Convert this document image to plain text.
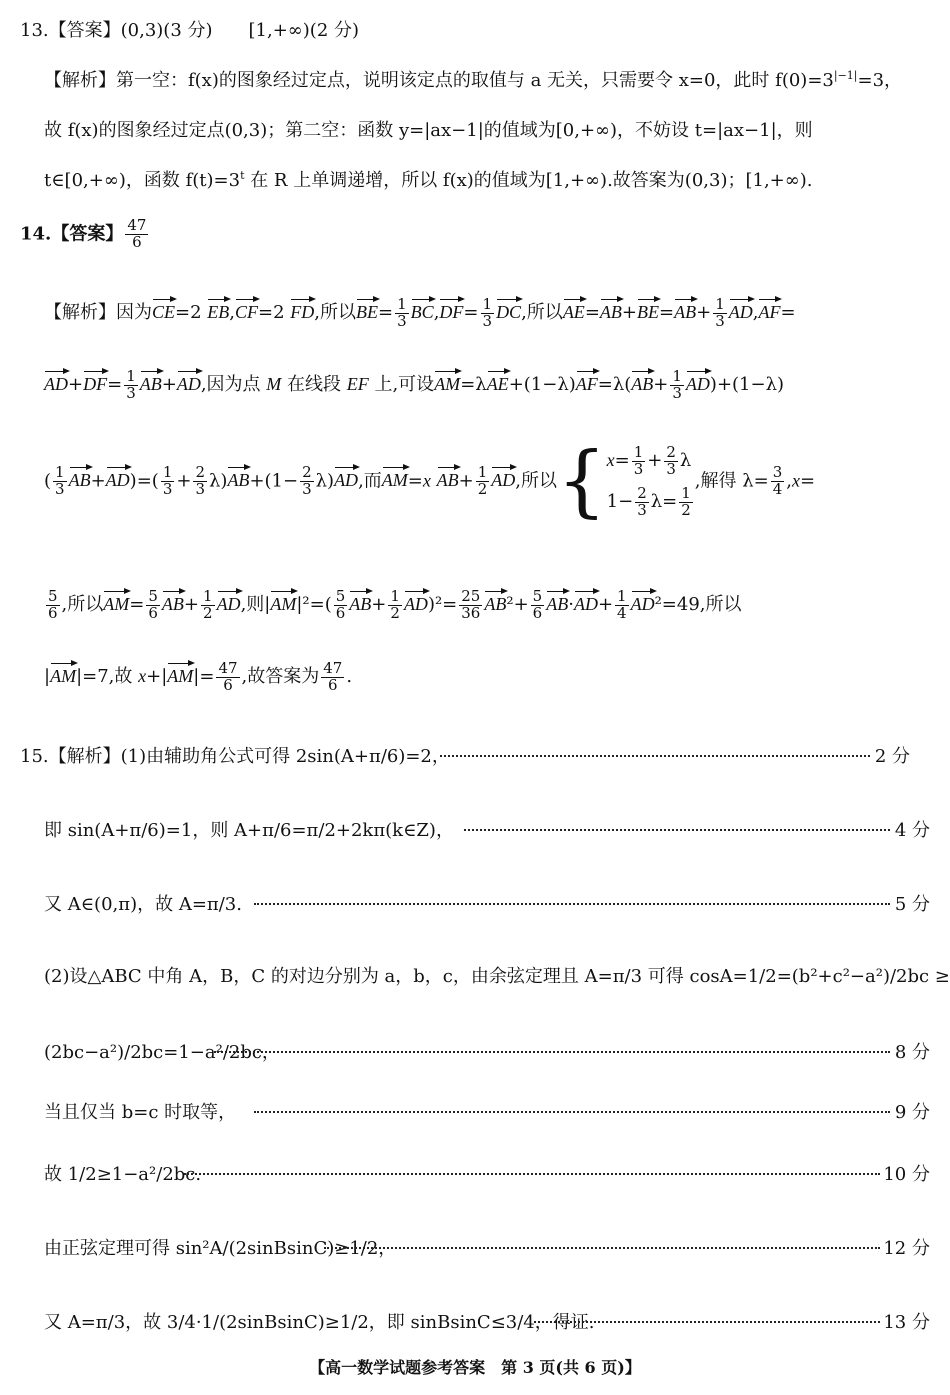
13.【答案】(0,3)(3 分)　　[1,+∞)(2 分)
【解析】第一空：f(x)的图象经过定点，说明该定点的取值与 a 无关，只需要令 x=0，此时 $f(0)=3^{|-1|}=3$，
故 f(x)的图象经过定点(0,3)；第二空：函数 y=|ax−1|的值域为[0,+∞)，不妨设 t=|ax−1|，则
t∈[0,+∞)，函数 $f(t)=3^t$ 在 R 上单调递增，所以 f(x)的值域为[1,+∞).故答案为(0,3)；[1,+∞).
14.【答案】 $\frac{47}{6}$
【解析】因为CE=2 EB,CF=2 FD,所以$BE= \frac{1}{3} BC,DF= \frac{1}{3}$ DC,所以$AE=AB+BE=AB+ \frac{1}{3} AD,AF=$
$AD+DF= \frac{1}{3} AB+AD$,因为点 M 在线段 EF 上,可设$AM=\lambda AE+(1-\lambda)AF=\lambda(AB+ \frac{1}{3} AD)+(1-\lambda)$
( $\frac{1}{3} AB+AD)=( \frac{1}{3} + \frac{2}{3} \lambda)AB+(1- \frac{2}{3} \lambda)AD$,而AM=x $AB+ \frac{1}{2}$ AD,所以{$x= \frac{1}{3} + \frac{2}{3}$ λ
$1- \frac{2}{3} \lambda= \frac{1}{2}$
,解得 $\lambda= \frac{3}{4} ,x=$
$\frac{5}{6}$ ,所以$AM= \frac{5}{6} AB+ \frac{1}{2}$ AD,则$|AM|^2=( \frac{5}{6} AB+ \frac{1}{2} AD)^2= \frac{25}{36} AB^2+ \frac{5}{6} AB\cdot AD+ \frac{1}{4} AD^2=49$,所以
|AM|=7,故 $x+|AM|= \frac{47}{6}$ ,故答案为 $\frac{47}{6}$ .
15.【解析】(1)由辅助角公式可得 2sin(A+π/6)=2，	2 分
即 sin(A+π/6)=1，则 A+π/6=π/2+2kπ(k∈Z)，	4 分
又 A∈(0,π)，故 A=π/3.	5 分
(2)设△ABC 中角 A，B，C 的对边分别为 a，b，c，由余弦定理且 A=π/3 可得 cosA=1/2=(b²+c²−a²)/2bc ≥
(2bc−a²)/2bc=1−a²/2bc，	8 分
当且仅当 b=c 时取等，	9 分
故 1/2≥1−a²/2bc.	10 分
由正弦定理可得 sin²A/(2sinBsinC)≥1/2，	12 分
又 A=π/3，故 3/4·1/(2sinBsinC)≥1/2，即 sinBsinC≤3/4，得证.	13 分
【高一数学试题参考答案　第 3 页(共 6 页)】
